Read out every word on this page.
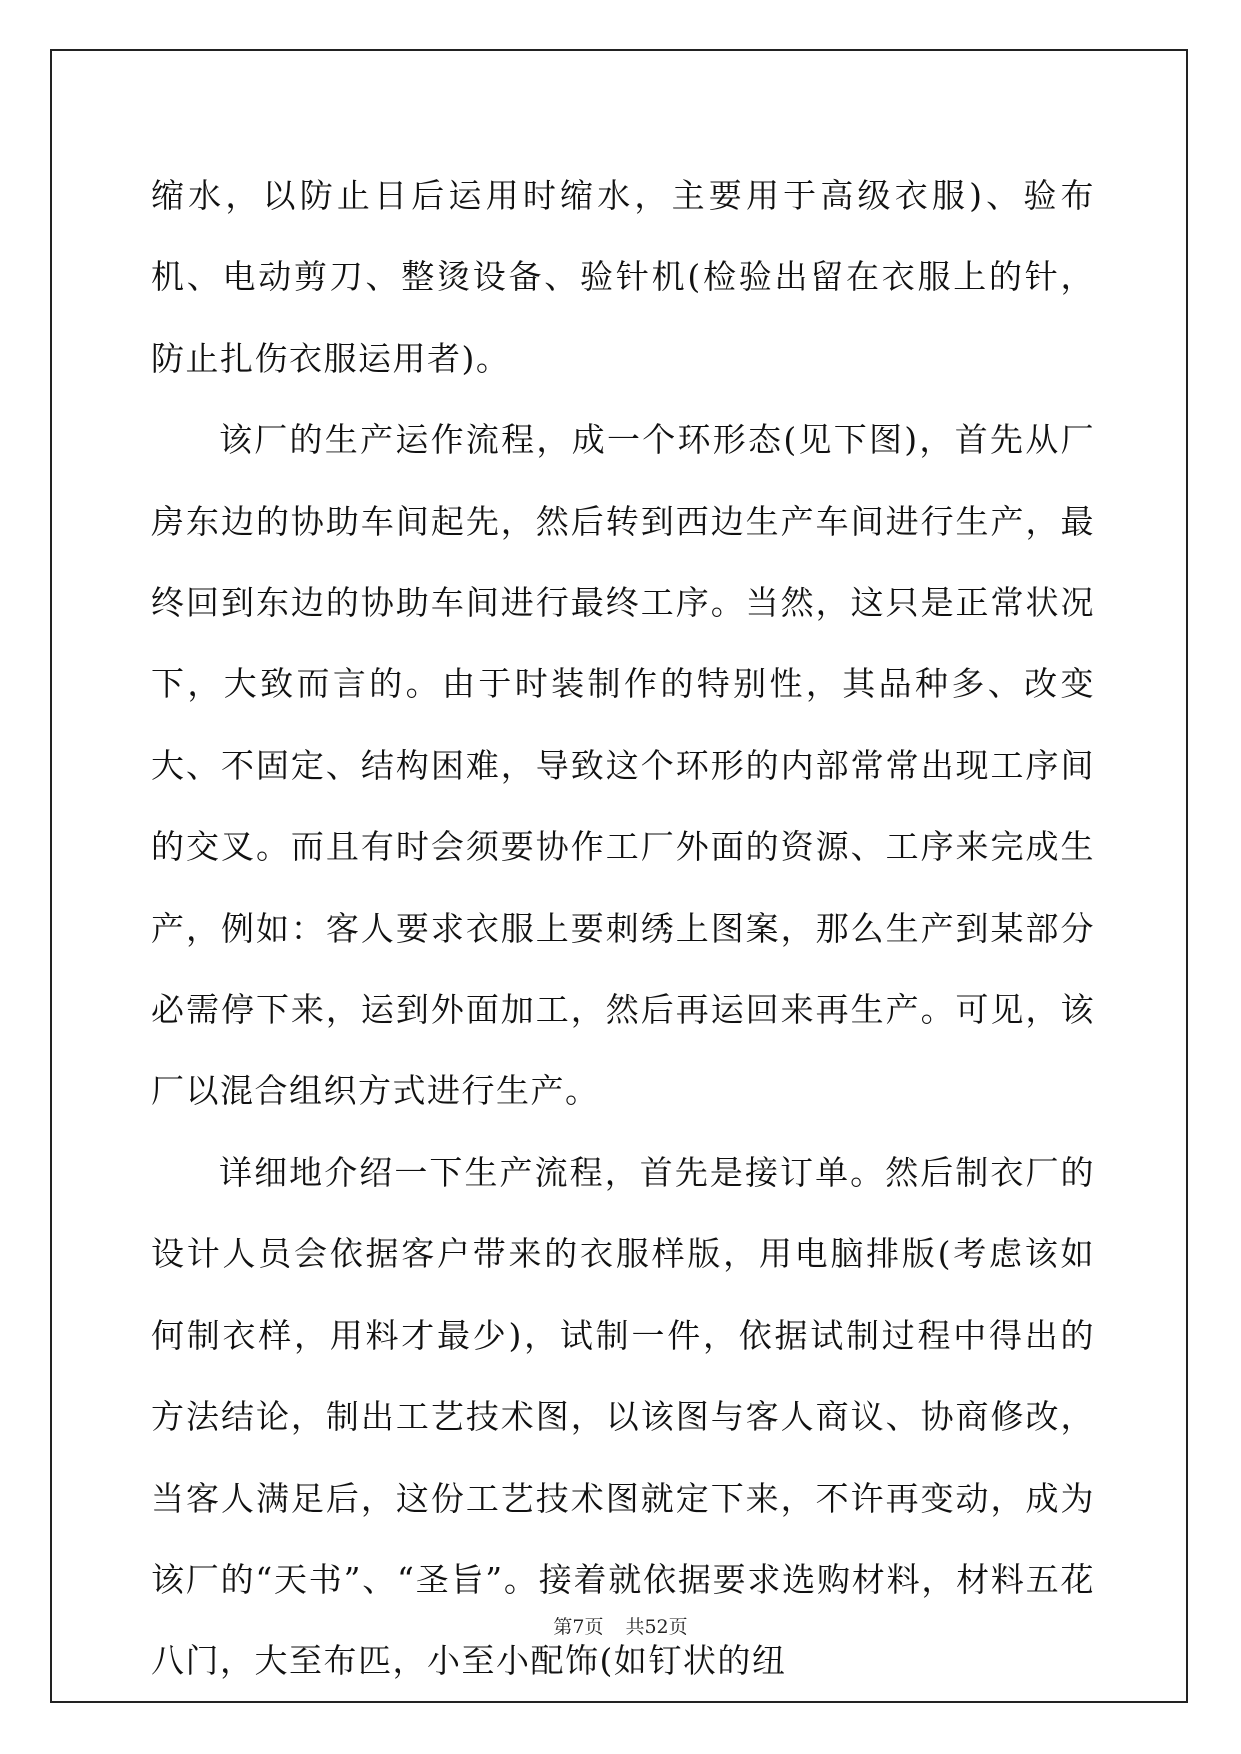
缩水，以防止日后运用时缩水，主要用于高级衣服)、验布机、电动剪刀、整烫设备、验针机(检验出留在衣服上的针，防止扎伤衣服运用者)。

该厂的生产运作流程，成一个环形态(见下图)，首先从厂房东边的协助车间起先，然后转到西边生产车间进行生产，最终回到东边的协助车间进行最终工序。当然，这只是正常状况下，大致而言的。由于时装制作的特别性，其品种多、改变大、不固定、结构困难，导致这个环形的内部常常出现工序间的交叉。而且有时会须要协作工厂外面的资源、工序来完成生产，例如：客人要求衣服上要刺绣上图案，那么生产到某部分必需停下来，运到外面加工，然后再运回来再生产。可见，该厂以混合组织方式进行生产。

详细地介绍一下生产流程，首先是接订单。然后制衣厂的设计人员会依据客户带来的衣服样版，用电脑排版(考虑该如何制衣样，用料才最少)，试制一件，依据试制过程中得出的方法结论，制出工艺技术图，以该图与客人商议、协商修改，当客人满足后，这份工艺技术图就定下来，不许再变动，成为该厂的“天书”、“圣旨”。接着就依据要求选购材料，材料五花八门，大至布匹，小至小配饰(如钉状的纽

第7页 共52页
